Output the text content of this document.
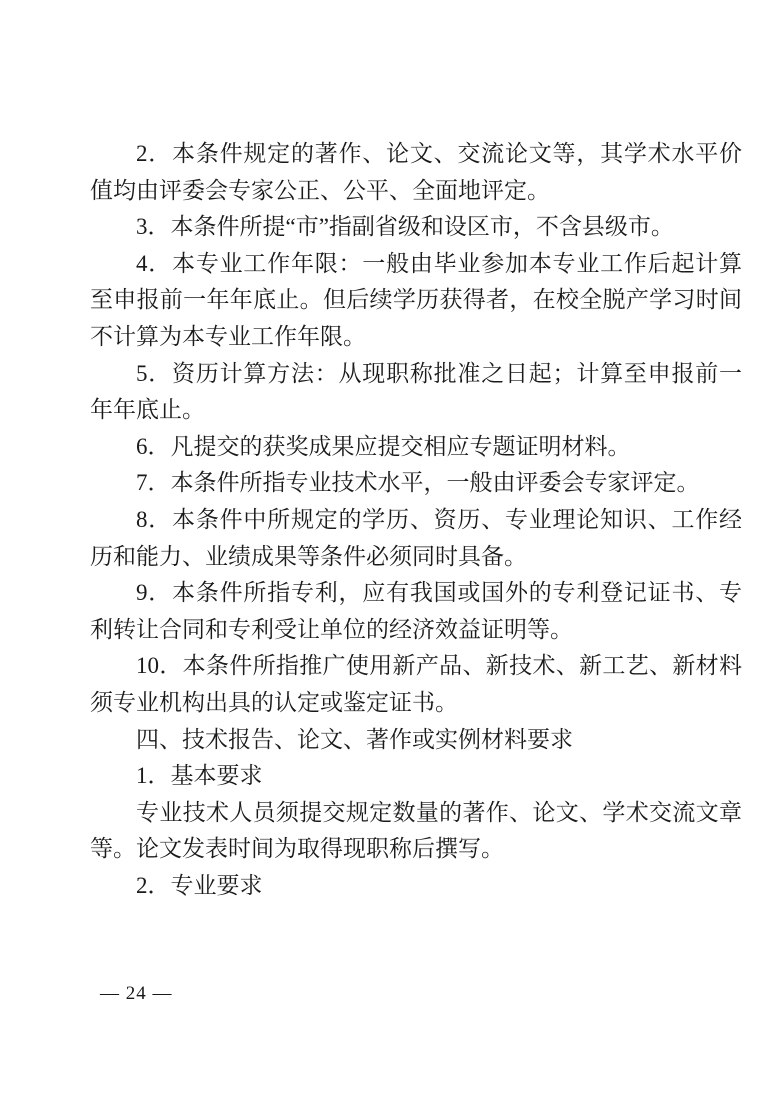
2．本条件规定的著作、论文、交流论文等，其学术水平价值均由评委会专家公正、公平、全面地评定。

3．本条件所提“市”指副省级和设区市，不含县级市。

4．本专业工作年限：一般由毕业参加本专业工作后起计算至申报前一年年底止。但后续学历获得者，在校全脱产学习时间不计算为本专业工作年限。

5．资历计算方法：从现职称批准之日起；计算至申报前一年年底止。

6．凡提交的获奖成果应提交相应专题证明材料。

7．本条件所指专业技术水平，一般由评委会专家评定。

8．本条件中所规定的学历、资历、专业理论知识、工作经历和能力、业绩成果等条件必须同时具备。

9．本条件所指专利，应有我国或国外的专利登记证书、专利转让合同和专利受让单位的经济效益证明等。

10．本条件所指推广使用新产品、新技术、新工艺、新材料须专业机构出具的认定或鉴定证书。

四、技术报告、论文、著作或实例材料要求

1．基本要求

专业技术人员须提交规定数量的著作、论文、学术交流文章等。论文发表时间为取得现职称后撰写。

2．专业要求

— 24 —
